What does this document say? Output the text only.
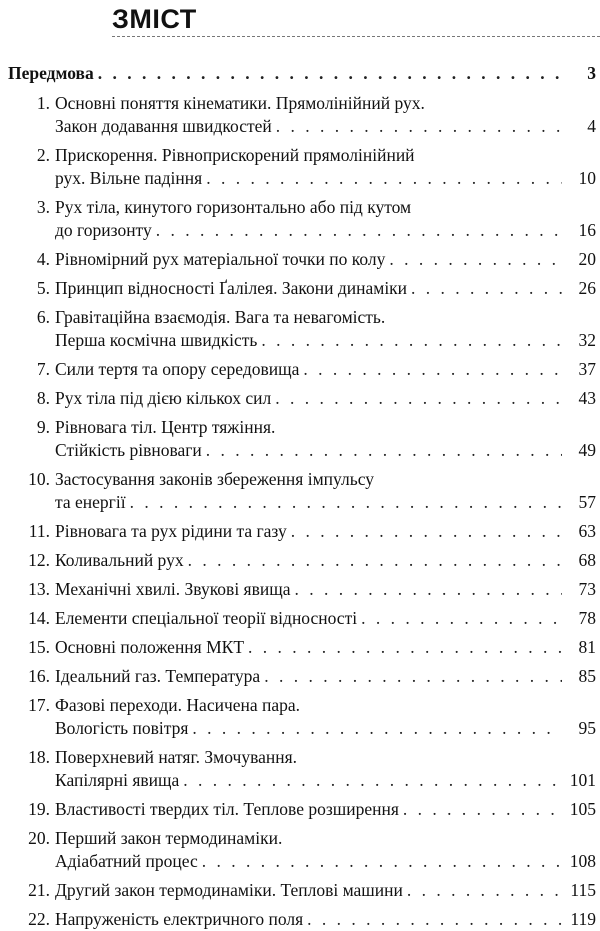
ЗМІСТ
Передмова . . .	3
1. Основні поняття кінематики. Прямолінійний рух.
Закон додавання швидкостей . . .	4
2. Прискорення. Рівноприскорений прямолінійний
рух. Вільне падіння . . .	10
3. Рух тіла, кинутого горизонтально або під кутом
до горизонту . . .	16
4. Рівномірний рух матеріальної точки по колу . . .	20
5. Принцип відносності Ґалілея. Закони динаміки . . .	26
6. Гравітаційна взаємодія. Вага та невагомість.
Перша космічна швидкість . . .	32
7. Сили тертя та опору середовища . . .	37
8. Рух тіла під дією кількох сил . . .	43
9. Рівновага тіл. Центр тяжіння.
Стійкість рівноваги . . .	49
10. Застосування законів збереження імпульсу
та енергії . . .	57
11. Рівновага та рух рідини та газу . . .	63
12. Коливальний рух . . .	68
13. Механічні хвилі. Звукові явища . . .	73
14. Елементи спеціальної теорії відносності . . .	78
15. Основні положення МКТ . . .	81
16. Ідеальний газ. Температура . . .	85
17. Фазові переходи. Насичена пара.
Вологість повітря . . .	95
18. Поверхневий натяг. Змочування.
Капілярні явища . . .	101
19. Властивості твердих тіл. Теплове розширення . . .	105
20. Перший закон термодинаміки.
Адіабатний процес . . .	108
21. Другий закон термодинаміки. Теплові машини . . .	115
22. Напруженість електричного поля . . .	119
